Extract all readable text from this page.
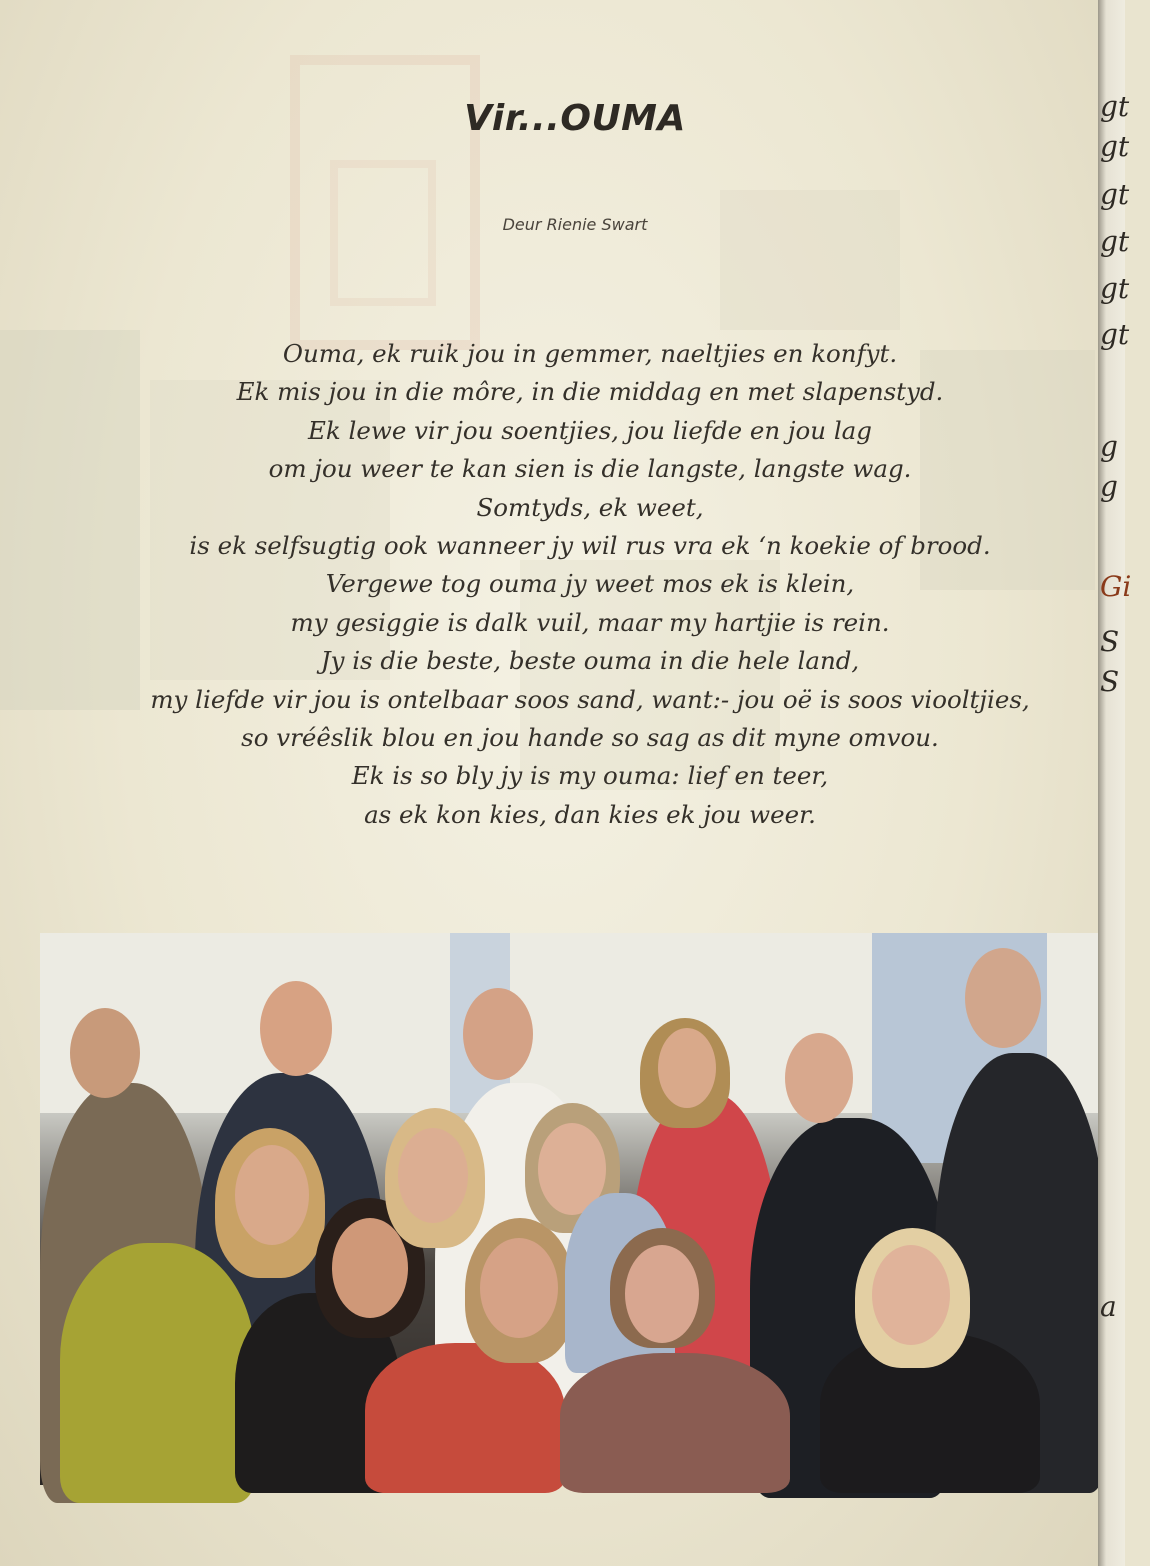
Vir...OUMA
Deur Rienie Swart
Ouma, ek ruik jou in gemmer, naeltjies en konfyt.
Ek mis jou in die môre, in die middag en met slapenstyd.
Ek lewe vir jou soentjies, jou liefde en jou lag
om jou weer te kan sien is die langste, langste wag.
Somtyds, ek weet,
is ek selfsugtig ook wanneer jy wil rus vra ek ‘n koekie of brood.
Vergewe tog ouma jy weet mos ek is klein,
my gesiggie is dalk vuil, maar my hartjie is rein.
Jy is die beste, beste ouma in die hele land,
my liefde vir jou is ontelbaar soos sand, want:- jou oë is soos viooltjies,
so vréêslik blou en jou hande so sag as dit myne omvou.
Ek is so bly jy is my ouma: lief en teer,
as ek kon kies, dan kies ek jou weer.
gt
gt
gt
gt
gt
gt
g
g
Gi
S
S
a
